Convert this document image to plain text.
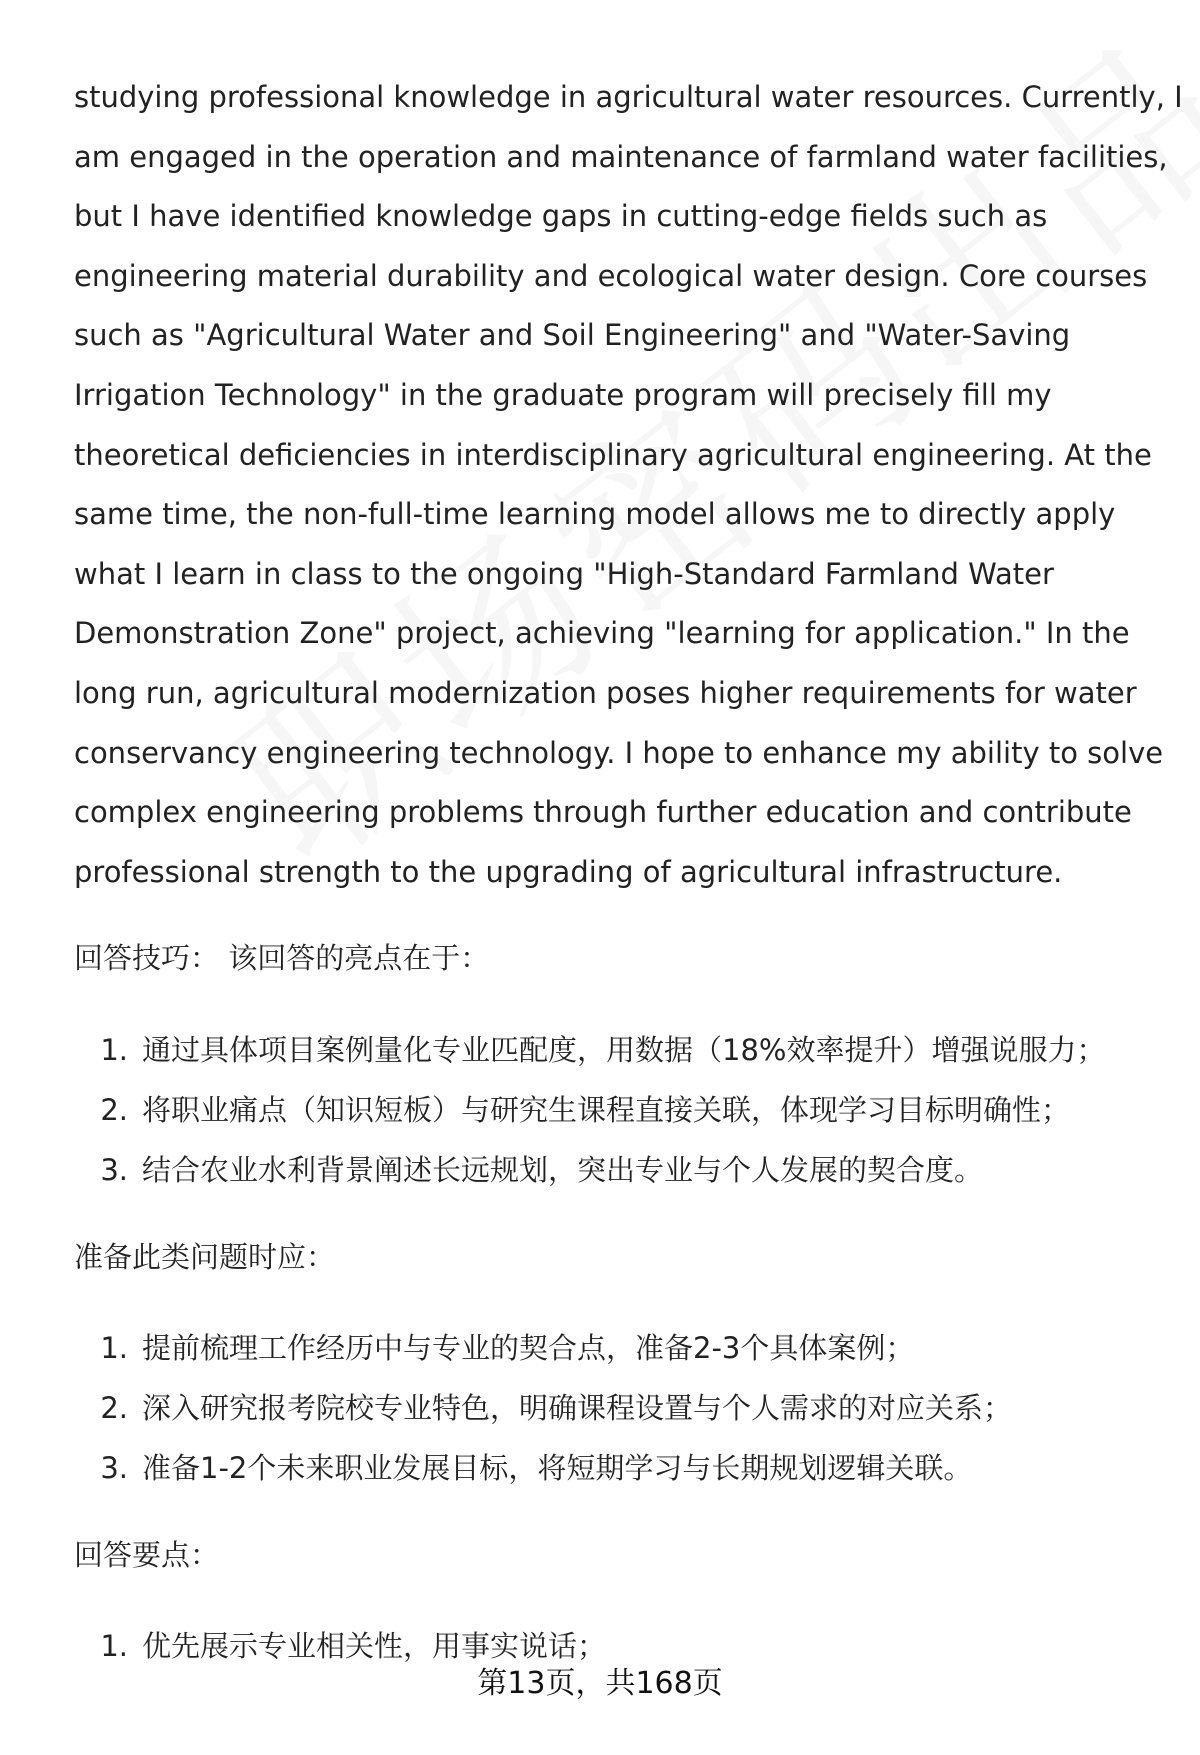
studying professional knowledge in agricultural water resources. Currently, I
am engaged in the operation and maintenance of farmland water facilities,
but I have identified knowledge gaps in cutting-edge fields such as
engineering material durability and ecological water design. Core courses
such as "Agricultural Water and Soil Engineering" and "Water-Saving
Irrigation Technology" in the graduate program will precisely fill my
theoretical deficiencies in interdisciplinary agricultural engineering. At the
same time, the non-full-time learning model allows me to directly apply
what I learn in class to the ongoing "High-Standard Farmland Water
Demonstration Zone" project, achieving "learning for application." In the
long run, agricultural modernization poses higher requirements for water
conservancy engineering technology. I hope to enhance my ability to solve
complex engineering problems through further education and contribute
professional strength to the upgrading of agricultural infrastructure.
回答技巧： 该回答的亮点在于：
1. 通过具体项目案例量化专业匹配度，用数据（18%效率提升）增强说服力；
2. 将职业痛点（知识短板）与研究生课程直接关联，体现学习目标明确性；
3. 结合农业水利背景阐述长远规划，突出专业与个人发展的契合度。
准备此类问题时应：
1. 提前梳理工作经历中与专业的契合点，准备2-3个具体案例；
2. 深入研究报考院校专业特色，明确课程设置与个人需求的对应关系；
3. 准备1-2个未来职业发展目标，将短期学习与长期规划逻辑关联。
回答要点：
1. 优先展示专业相关性，用事实说话；
第13页，共168页
